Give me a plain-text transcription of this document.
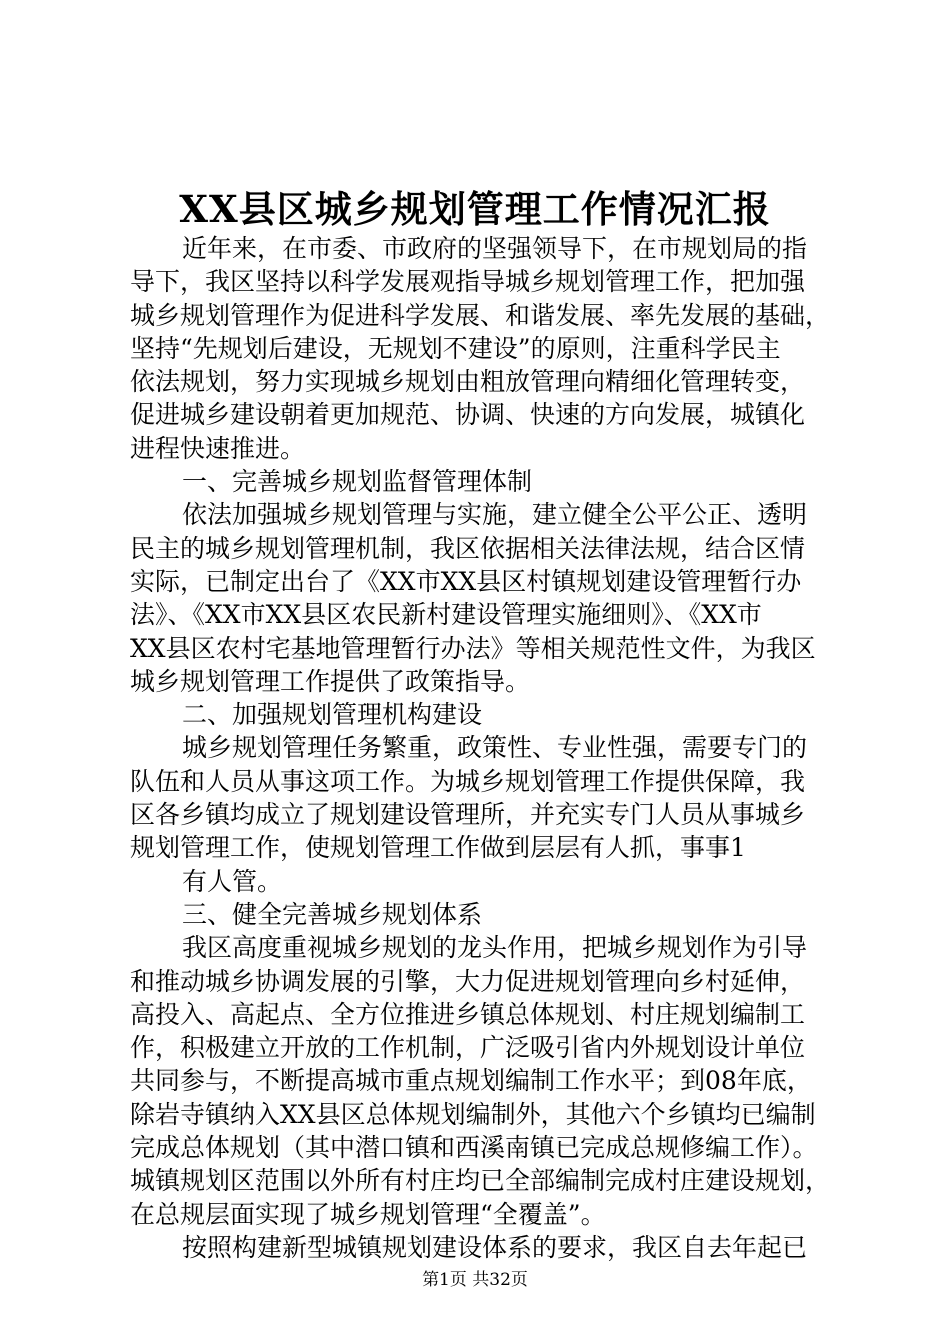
XX县区城乡规划管理工作情况汇报
近年来，在市委、市政府的坚强领导下，在市规划局的指
导下，我区坚持以科学发展观指导城乡规划管理工作，把加强
城乡规划管理作为促进科学发展、和谐发展、率先发展的基础，
坚持“先规划后建设，无规划不建设”的原则，注重科学民主
依法规划，努力实现城乡规划由粗放管理向精细化管理转变，
促进城乡建设朝着更加规范、协调、快速的方向发展，城镇化
进程快速推进。
一、完善城乡规划监督管理体制
依法加强城乡规划管理与实施，建立健全公平公正、透明
民主的城乡规划管理机制，我区依据相关法律法规，结合区情
实际，已制定出台了《XX市XX县区村镇规划建设管理暂行办
法》、《XX市XX县区农民新村建设管理实施细则》、《XX市
XX县区农村宅基地管理暂行办法》等相关规范性文件，为我区
城乡规划管理工作提供了政策指导。
二、加强规划管理机构建设
城乡规划管理任务繁重，政策性、专业性强，需要专门的
队伍和人员从事这项工作。为城乡规划管理工作提供保障，我
区各乡镇均成立了规划建设管理所，并充实专门人员从事城乡
规划管理工作，使规划管理工作做到层层有人抓，事事1
有人管。
三、健全完善城乡规划体系
我区高度重视城乡规划的龙头作用，把城乡规划作为引导
和推动城乡协调发展的引擎，大力促进规划管理向乡村延伸，
高投入、高起点、全方位推进乡镇总体规划、村庄规划编制工
作，积极建立开放的工作机制，广泛吸引省内外规划设计单位
共同参与，不断提高城市重点规划编制工作水平；到08年底，
除岩寺镇纳入XX县区总体规划编制外，其他六个乡镇均已编制
完成总体规划（其中潜口镇和西溪南镇已完成总规修编工作）。
城镇规划区范围以外所有村庄均已全部编制完成村庄建设规划，
在总规层面实现了城乡规划管理“全覆盖”。
按照构建新型城镇规划建设体系的要求，我区自去年起已
第1页 共32页
